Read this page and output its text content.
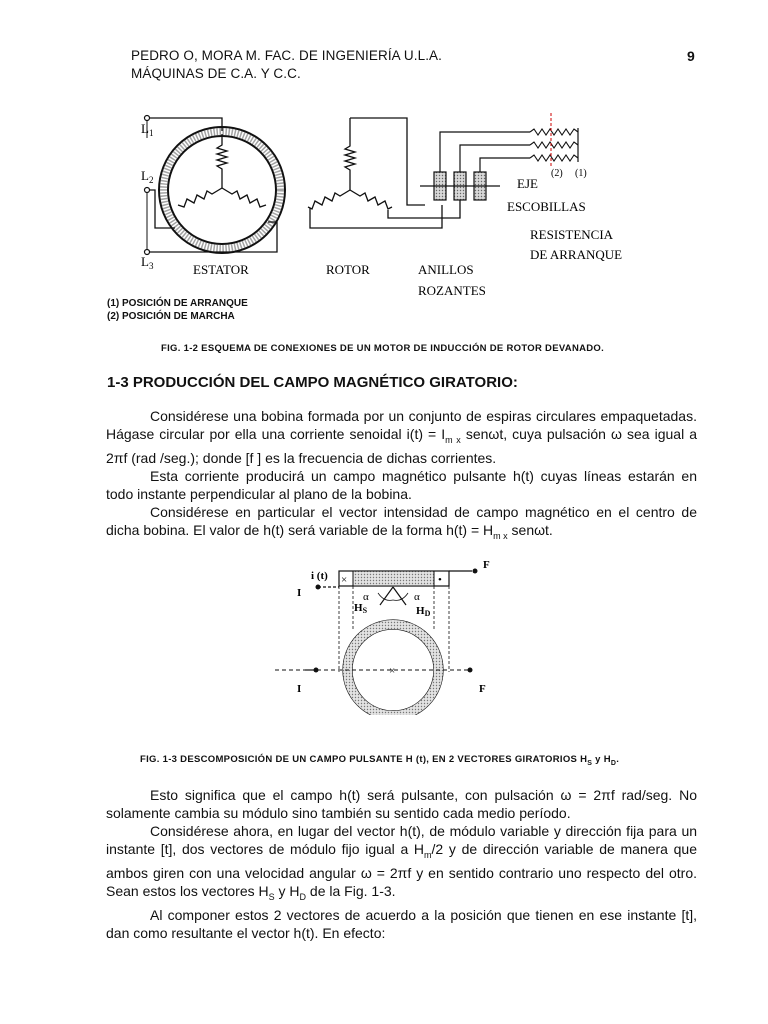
PEDRO O, MORA M. FAC. DE INGENIERÍA U.L.A.
MÁQUINAS DE C.A. Y C.C.
9
$L_1$
$L_2$
$L_3$	ESTATOR	ROTOR
(2) (1)
EJE
ESCOBILLAS
RESISTENCIA
DE ARRANQUE
ANILLOS
ROZANTES
(1) POSICIÓN DE ARRANQUE
(2) POSICIÓN DE MARCHA
FIG. 1-2 ESQUEMA DE CONEXIONES DE UN MOTOR DE INDUCCIÓN DE ROTOR DEVANADO.
1-3 PRODUCCIÓN DEL CAMPO MAGNÉTICO GIRATORIO:

Considérese una bobina formada por un conjunto de espiras circulares empaquetadas. Hágase circular por ella una corriente senoidal $i(t) = I_{m x}$ senωt, cuya pulsación ω sea igual a 2πf (rad /seg.); donde [f ] es la frecuencia de dichas corrientes.

Esta corriente producirá un campo magnético pulsante h(t) cuyas líneas estarán en todo instante perpendicular al plano de la bobina.

Considérese en particular el vector intensidad de campo magnético en el centro de dicha bobina. El valor de h(t) será variable de la forma $h(t) = H_{m x}$ senωt.

×	•
F
I
i (t)
α	α
HS	HD
×
I	F
FIG. 1-3 DESCOMPOSICIÓN DE UN CAMPO PULSANTE H (t), EN 2 VECTORES GIRATORIOS $H_S$ y $H_D$.

Esto significa que el campo h(t) será pulsante, con pulsación ω = 2πf rad/seg. No solamente cambia su módulo sino también su sentido cada medio período.

Considérese ahora, en lugar del vector h(t), de módulo variable y dirección fija para un instante [t], dos vectores de módulo fijo igual a $H_m/2$ y de dirección variable de manera que ambos giren con una velocidad angular ω = 2πf y en sentido contrario uno respecto del otro. Sean estos los vectores $H_S$ y $H_D$ de la Fig. 1-3.

Al componer estos 2 vectores de acuerdo a la posición que tienen en ese instante [t], dan como resultante el vector h(t). En efecto:
